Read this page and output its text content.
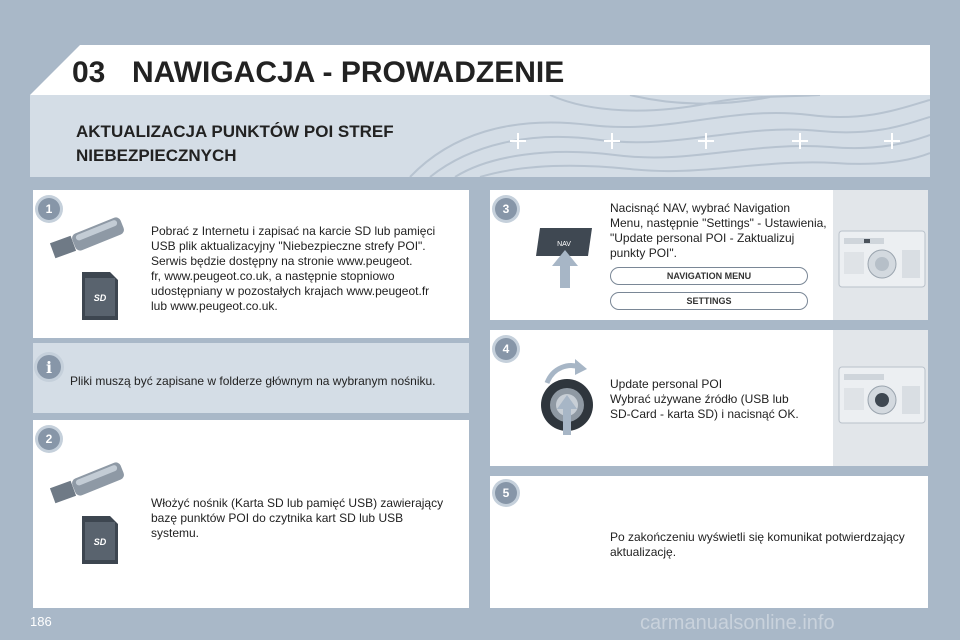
03 NAWIGACJA - PROWADZENIE
AKTUALIZACJA PUNKTÓW POI STREF
NIEBEZPIECZNYCH
1
SD
Pobrać z Internetu i zapisać na karcie SD lub pamięci
USB plik aktualizacyjny "Niebezpieczne strefy POI".
Serwis będzie dostępny na stronie www.peugeot.
fr, www.peugeot.co.uk, a następnie stopniowo
udostępniany w pozostałych krajach www.peugeot.fr
lub www.peugeot.co.uk.
i
Pliki muszą być zapisane w folderze głównym na wybranym nośniku.
2
SD
Włożyć nośnik (Karta SD lub pamięć USB) zawierający
bazę punktów POI do czytnika kart SD lub USB
systemu.
3
NAV
Nacisnąć NAV, wybrać Navigation
Menu, następnie "Settings" - Ustawienia,
"Update personal POI - Zaktualizuj
punkty POI".
NAVIGATION MENU
SETTINGS
4
Update personal POI
Wybrać używane źródło (USB lub
SD-Card - karta SD) i nacisnąć OK.
5
Po zakończeniu wyświetli się komunikat potwierdzający
aktualizację.
186	carmanualsonline.info
